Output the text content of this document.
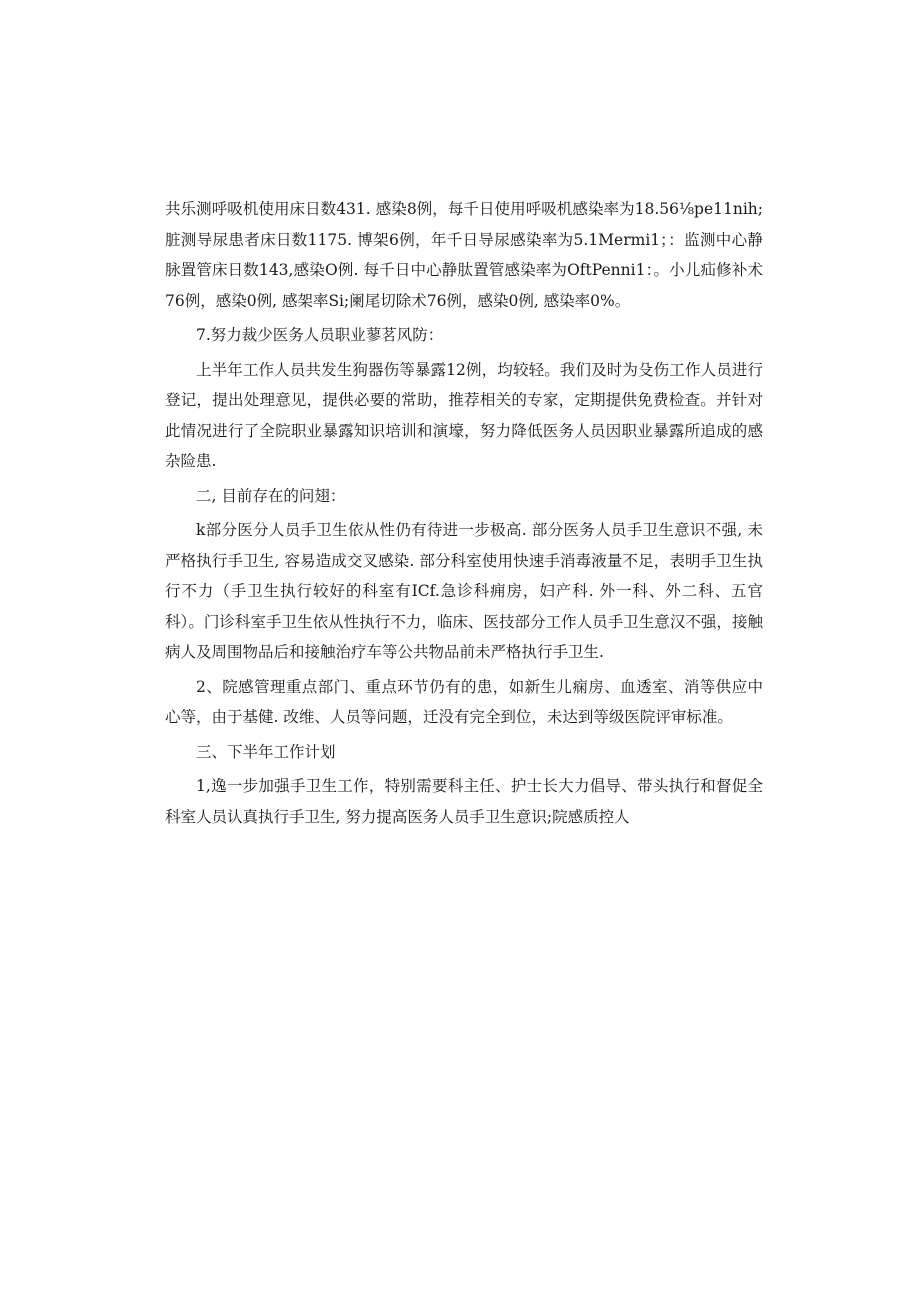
共乐测呼吸机使用床日数431. 感染8例，每千日使用呼吸机感染率为18.56⅛pe11nih;脏测导尿患者床日数1175. 博架6例，年千日导尿感染率为5.1Mermi1；：监测中心静脉置管床日数143,感染O例. 每千日中心静肽置管感染率为OftPenni1：。小儿疝修补术76例，感染0例, 感架率Si;阑尾切除术76例，感染0例, 感染率0%。

7.努力裁少医务人员职业蓼茗风防：

上半年工作人员共发生狗器伤等暴露12例，均较轻。我们及时为殳伤工作人员进行登记，提出处理意见，提供必要的常助，推荐相关的专家，定期提供免费检查。并针对此情况进行了全院职业暴露知识培训和演壕，努力降低医务人员因职业暴露所追成的感杂险患.

二, 目前存在的问翅：

k部分医分人员手卫生依从性仍有待进一步极高. 部分医务人员手卫生意识不强, 未严格执行手卫生, 容易造成交叉感染. 部分科室使用快速手消毒液量不足，表明手卫生执行不力（手卫生执行较好的科室有ICf.急诊科痈房，妇产科. 外一科、外二科、五官科）。门诊科室手卫生依从性执行不力，临床、医技部分工作人员手卫生意汉不强，接触病人及周围物品后和接触治疗车等公共物品前未严格执行手卫生.

2、院感管理重点部门、重点环节仍有的患，如新生儿痫房、血透室、消等供应中心等，由于基健. 改维、人员等问题，迁没有完全到位，未达到等级医院评审标准。

三、下半年工作计划

1,逸一步加强手卫生工作，特别需要科主任、护士长大力倡导、带头执行和督促全科室人员认真执行手卫生, 努力提高医务人员手卫生意识;院感质控人
